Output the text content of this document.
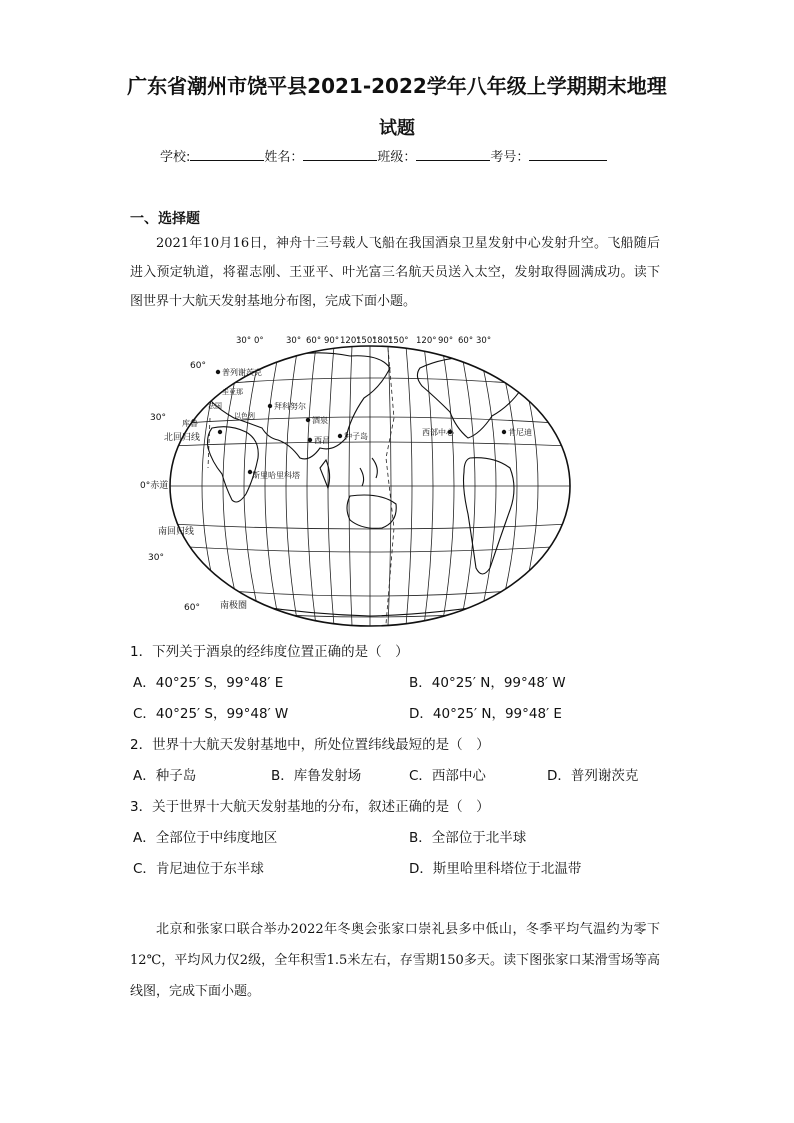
广东省潮州市饶平县2021-2022学年八年级上学期期末地理
试题
学校:	姓名：	班级：	考号：
一、选择题
2021年10月16日，神舟十三号载人飞船在我国酒泉卫星发射中心发射升空。飞船随后进入预定轨道，将翟志刚、王亚平、叶光富三名航天员送入太空，发射取得圆满成功。读下图世界十大航天发射基地分布图，完成下面小题。
30° 0°	30° 60° 90° 120°
150°
180°
150° 120° 90° 60° 30°
60°
30°
北回归线
0°赤道
南回归线
30°
60° 南极圈
普列谢茨克
拜科努尔
酒泉
种子岛
西昌
斯里哈里科塔
西部中心	肯尼迪
库鲁
圭亚那
法国
以色列
1．下列关于酒泉的经纬度位置正确的是（　）
A．40°25′ S，99°48′ E	B．40°25′ N，99°48′ W
C．40°25′ S，99°48′ W	D．40°25′ N，99°48′ E
2．世界十大航天发射基地中，所处位置纬线最短的是（　）
A．种子岛	B．库鲁发射场	C．西部中心	D．普列谢茨克
3．关于世界十大航天发射基地的分布，叙述正确的是（　）
A．全部位于中纬度地区	B．全部位于北半球
C．肯尼迪位于东半球	D．斯里哈里科塔位于北温带
北京和张家口联合举办2022年冬奥会张家口崇礼县多中低山，冬季平均气温约为零下12℃，平均风力仅2级，全年积雪1.5米左右，存雪期150多天。读下图张家口某滑雪场等高线图，完成下面小题。
